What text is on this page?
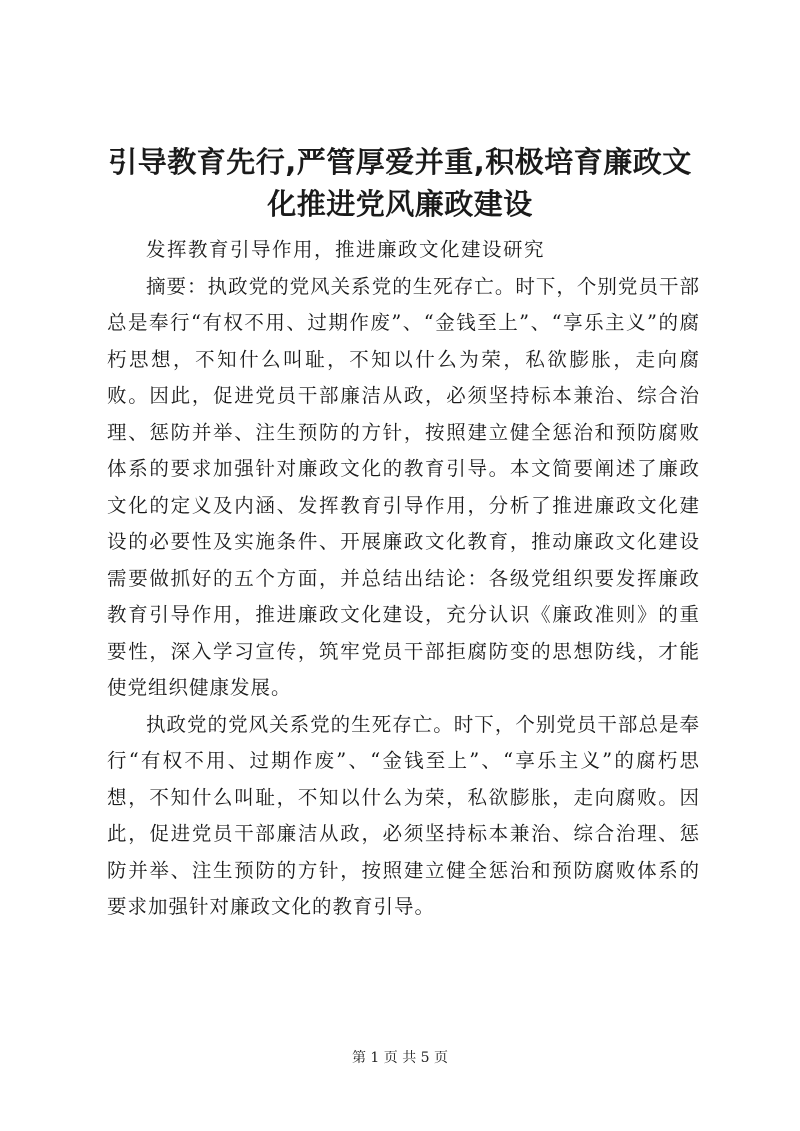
引导教育先行,严管厚爱并重,积极培育廉政文
化推进党风廉政建设

发挥教育引导作用，推进廉政文化建设研究

摘要：执政党的党风关系党的生死存亡。时下，个别党员干部总是奉行“有权不用、过期作废”、“金钱至上”、“享乐主义”的腐朽思想，不知什么叫耻，不知以什么为荣，私欲膨胀，走向腐败。因此，促进党员干部廉洁从政，必须坚持标本兼治、综合治理、惩防并举、注生预防的方针，按照建立健全惩治和预防腐败体系的要求加强针对廉政文化的教育引导。本文简要阐述了廉政文化的定义及内涵、发挥教育引导作用，分析了推进廉政文化建设的必要性及实施条件、开展廉政文化教育，推动廉政文化建设需要做抓好的五个方面，并总结出结论：各级党组织要发挥廉政教育引导作用，推进廉政文化建设，充分认识《廉政准则》的重要性，深入学习宣传，筑牢党员干部拒腐防变的思想防线，才能使党组织健康发展。

执政党的党风关系党的生死存亡。时下，个别党员干部总是奉行“有权不用、过期作废”、“金钱至上”、“享乐主义”的腐朽思想，不知什么叫耻，不知以什么为荣，私欲膨胀，走向腐败。因此，促进党员干部廉洁从政，必须坚持标本兼治、综合治理、惩防并举、注生预防的方针，按照建立健全惩治和预防腐败体系的要求加强针对廉政文化的教育引导。

第 1 页 共 5 页
